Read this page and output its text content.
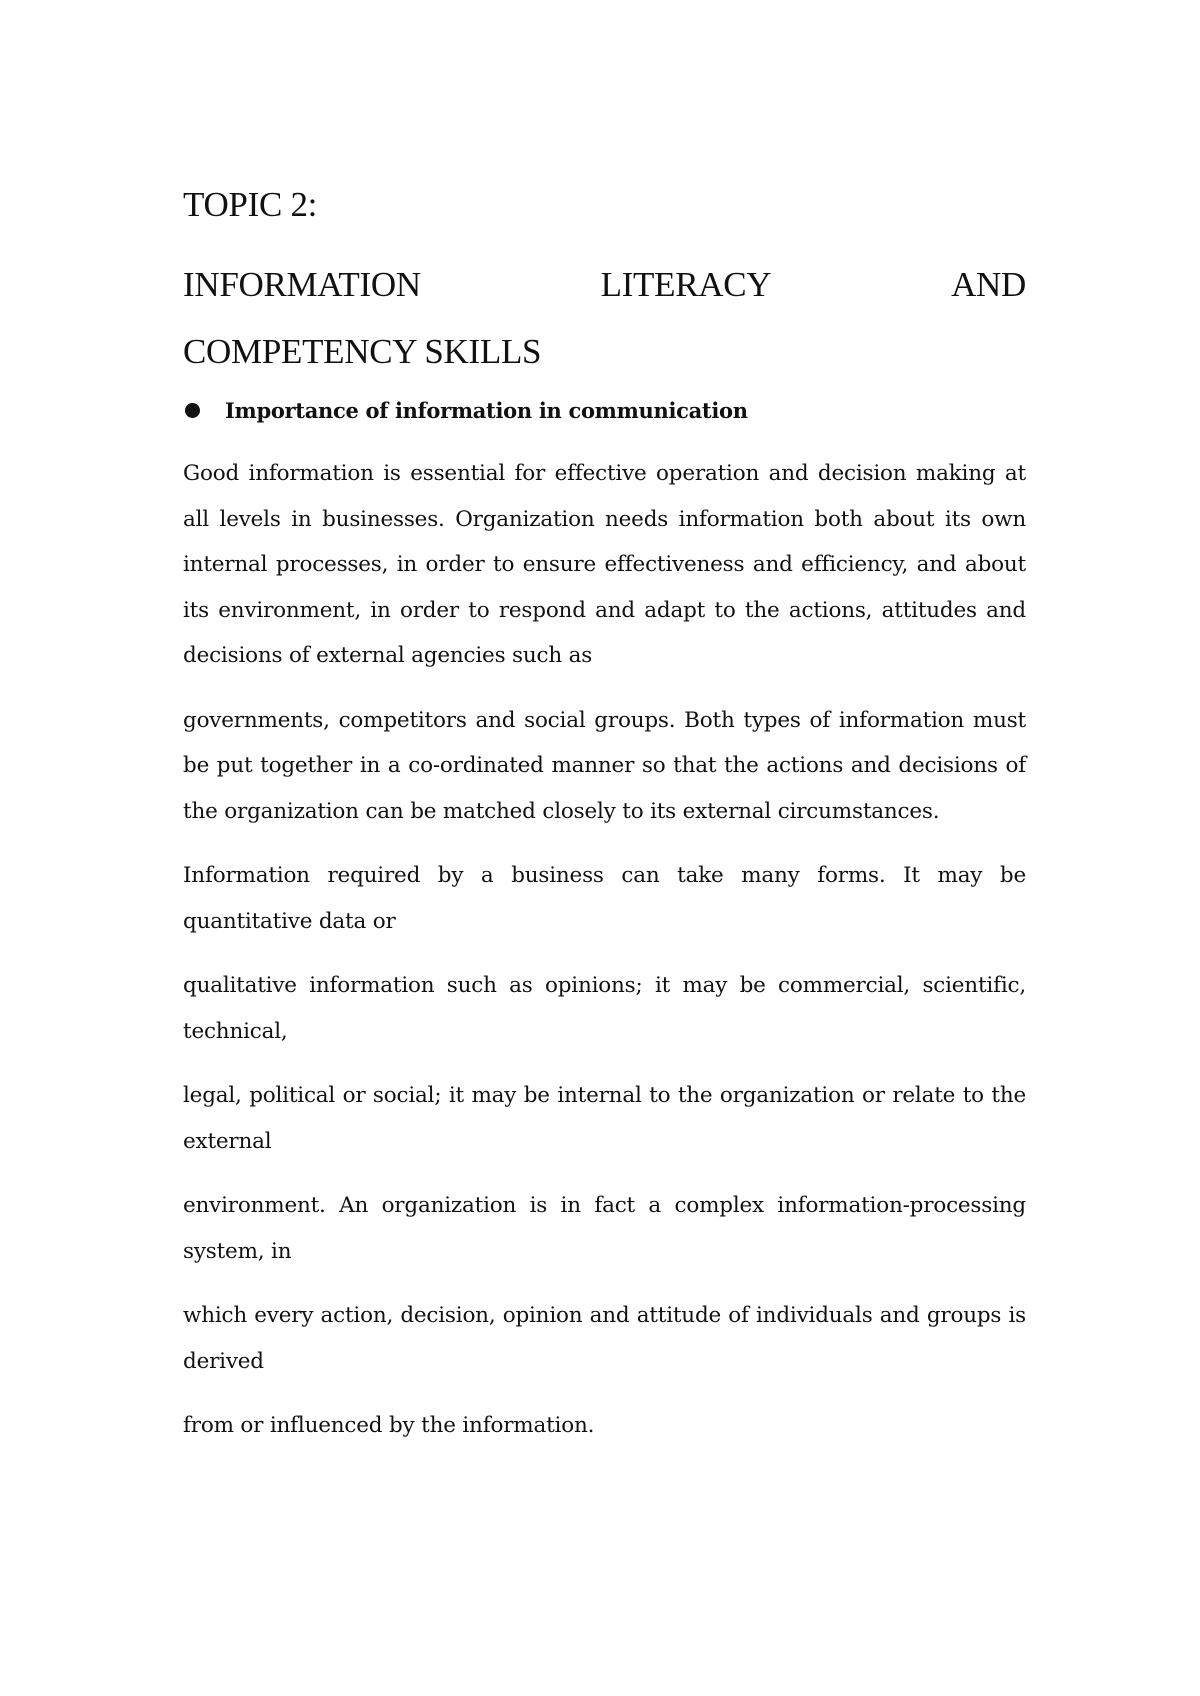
TOPIC 2:
INFORMATION	LITERACY	AND
COMPETENCY SKILLS
Importance of information in communication

Good information is essential for effective operation and decision making at all levels in businesses. Organization needs information both about its own internal processes, in order to ensure effectiveness and efficiency, and about its environment, in order to respond and adapt to the actions, attitudes and decisions of external agencies such as

governments, competitors and social groups. Both types of information must be put together in a co-ordinated manner so that the actions and decisions of the organization can be matched closely to its external circumstances.

Information required by a business can take many forms. It may be quantitative data or

qualitative information such as opinions; it may be commercial, scientific, technical,

legal, political or social; it may be internal to the organization or relate to the external

environment. An organization is in fact a complex information-processing system, in

which every action, decision, opinion and attitude of individuals and groups is derived

from or influenced by the information.
